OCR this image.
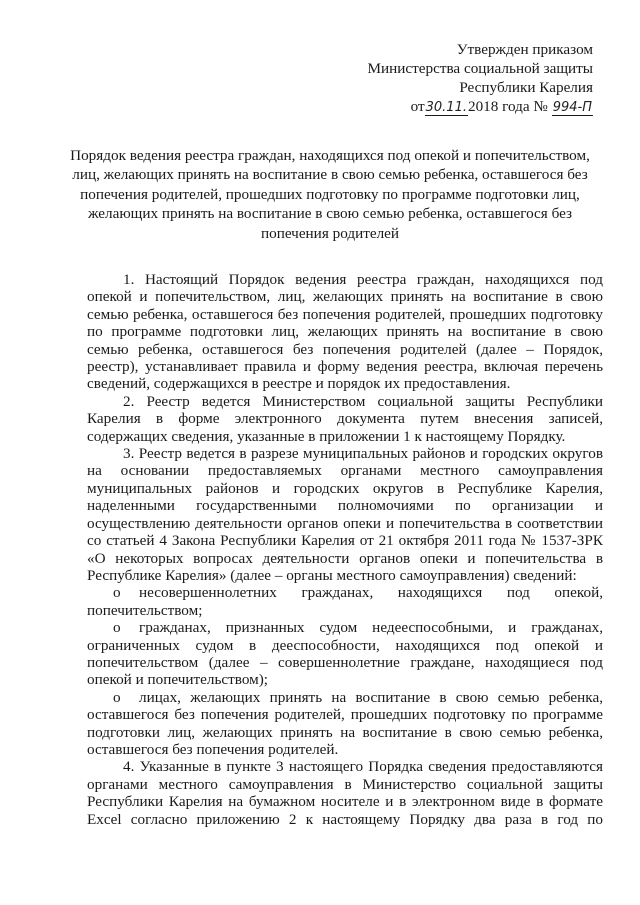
Утвержден приказом
Министерства социальной защиты
Республики Карелия
от30.11.2018 года № 994-П
Порядок ведения реестра граждан, находящихся под опекой и попечительством, лиц, желающих принять на воспитание в свою семью ребенка, оставшегося без попечения родителей, прошедших подготовку по программе подготовки лиц, желающих принять на воспитание в свою семью ребенка, оставшегося без попечения родителей

1. Настоящий Порядок ведения реестра граждан, находящихся под опекой и попечительством, лиц, желающих принять на воспитание в свою семью ребенка, оставшегося без попечения родителей, прошедших подготовку по программе подготовки лиц, желающих принять на воспитание в свою семью ребенка, оставшегося без попечения родителей (далее – Порядок, реестр), устанавливает правила и форму ведения реестра, включая перечень сведений, содержащихся в реестре и порядок их предоставления.

2. Реестр ведется Министерством социальной защиты Республики Карелия в форме электронного документа путем внесения записей, содержащих сведения, указанные в приложении 1 к настоящему Порядку.

3. Реестр ведется в разрезе муниципальных районов и городских округов на основании предоставляемых органами местного самоуправления муниципальных районов и городских округов в Республике Карелия, наделенными государственными полномочиями по организации и осуществлению деятельности органов опеки и попечительства в соответствии со статьей 4 Закона Республики Карелия от 21 октября 2011 года № 1537-ЗРК «О некоторых вопросах деятельности органов опеки и попечительства в Республике Карелия» (далее – органы местного самоуправления) сведений:

o несовершеннолетних гражданах, находящихся под опекой, попечительством;

o гражданах, признанных судом недееспособными, и гражданах, ограниченных судом в дееспособности, находящихся под опекой и попечительством (далее – совершеннолетние граждане, находящиеся под опекой и попечительством);

o лицах, желающих принять на воспитание в свою семью ребенка, оставшегося без попечения родителей, прошедших подготовку по программе подготовки лиц, желающих принять на воспитание в свою семью ребенка, оставшегося без попечения родителей.

4. Указанные в пункте 3 настоящего Порядка сведения предоставляются органами местного самоуправления в Министерство социальной защиты Республики Карелия на бумажном носителе и в электронном виде в формате Excel согласно приложению 2 к настоящему Порядку два раза в год по
